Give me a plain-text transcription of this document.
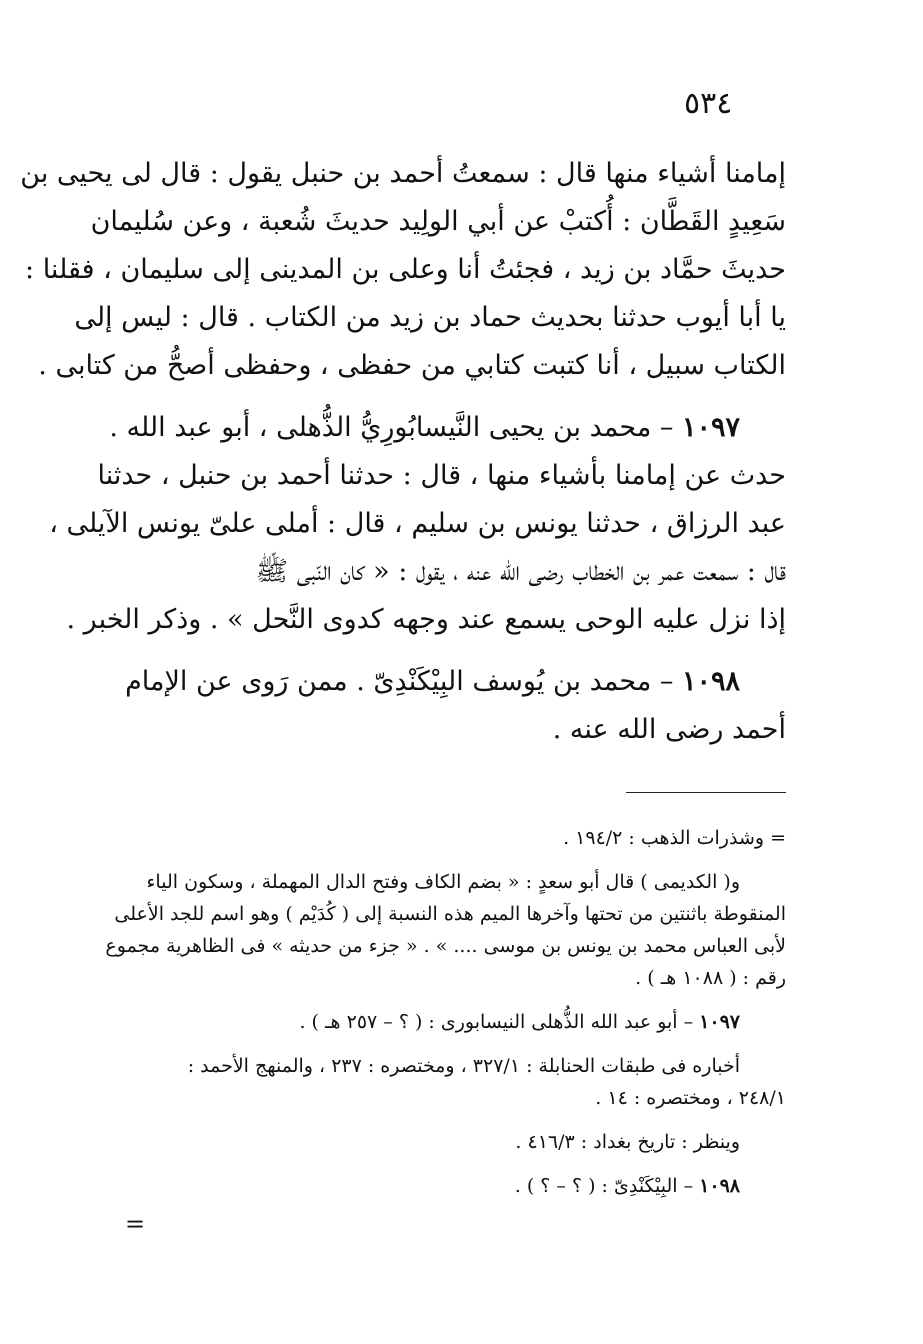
٥٣٤
إمامنا أشياء منها قال : سمعتُ أحمد بن حنبل يقول : قال لى يحيى بن
سَعِيدٍ القَطَّان : أُكتبْ عن أبي الولِيد حديثَ شُعبة ، وعن سُليمان
حديثَ حمَّاد بن زيد ، فجئتُ أنا وعلى بن المدينى إلى سليمان ، فقلنا :
يا أبا أيوب حدثنا بحديث حماد بن زيد من الكتاب . قال : ليس إلى
الكتاب سبيل ، أنا كتبت كتابي من حفظى ، وحفظى أصحُّ من كتابى .
١٠٩٧ – محمد بن يحيى النَّيسابُورِيُّ الذُّهلى ، أبو عبد الله .
حدث عن إمامنا بأشياء منها ، قال : حدثنا أحمد بن حنبل ، حدثنا
عبد الرزاق ، حدثنا يونس بن سليم ، قال : أملى علىّ يونس الآيلى ،
قال : سمعت عمر بن الخطاب رضى الله عنه ، يقول : « كان النّبى ﷺ
إذا نزل عليه الوحى يسمع عند وجهه كدوى النَّحل » . وذكر الخبر .
١٠٩٨ – محمد بن يُوسف البِيْكَنْدِىّ . ممن رَوى عن الإمام
أحمد رضى الله عنه .
= وشذرات الذهب : ١٩٤/٢ .
و( الكديمى ) قال أبو سعدٍ : « بضم الكاف وفتح الدال المهملة ، وسكون الياء
المنقوطة باثنتين من تحتها وآخرها الميم هذه النسبة إلى ( كُدَيْم ) وهو اسم للجد الأعلى
لأبى العباس محمد بن يونس بن موسى .... » . « جزء من حديثه » فى الظاهرية مجموع
رقم : ( ١٠٨٨ هـ ) .
١٠٩٧ – أبو عبد الله الذُّهلى النيسابورى : ( ؟ – ٢٥٧ هـ ) .
أخباره فى طبقات الحنابلة : ٣٢٧/١ ، ومختصره : ٢٣٧ ، والمنهج الأحمد :
٢٤٨/١ ، ومختصره : ١٤ .
وينظر : تاريخ بغداد : ٤١٦/٣ .
١٠٩٨ – البِيْكَنْدِىّ : ( ؟ – ؟ ) .
=
